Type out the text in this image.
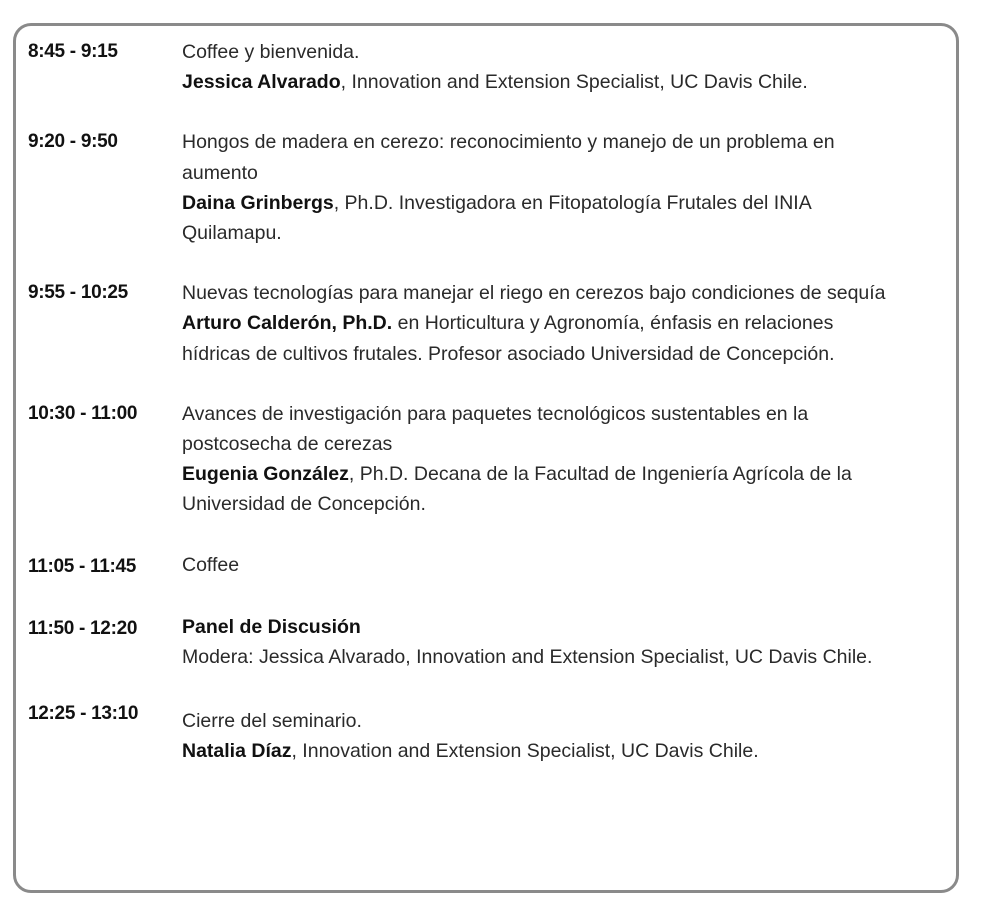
8:45 - 9:15	Coffee y bienvenida.
Jessica Alvarado, Innovation and Extension Specialist, UC Davis Chile.
9:20 - 9:50	Hongos de madera en cerezo: reconocimiento y manejo de un problema en aumento
Daina Grinbergs, Ph.D. Investigadora en Fitopatología Frutales del INIA Quilamapu.
9:55 - 10:25	Nuevas tecnologías para manejar el riego en cerezos bajo condiciones de sequía
Arturo Calderón, Ph.D. en Horticultura y Agronomía, énfasis en relaciones hídricas de cultivos frutales. Profesor asociado Universidad de Concepción.
10:30 - 11:00	Avances de investigación para paquetes tecnológicos sustentables en la postcosecha de cerezas
Eugenia González, Ph.D. Decana de la Facultad de Ingeniería Agrícola de la Universidad de Concepción.
11:05 - 11:45	Coffee
11:50 - 12:20	Panel de Discusión
Modera: Jessica Alvarado, Innovation and Extension Specialist, UC Davis Chile.
12:25 - 13:10	Cierre del seminario.
Natalia Díaz, Innovation and Extension Specialist, UC Davis Chile.
